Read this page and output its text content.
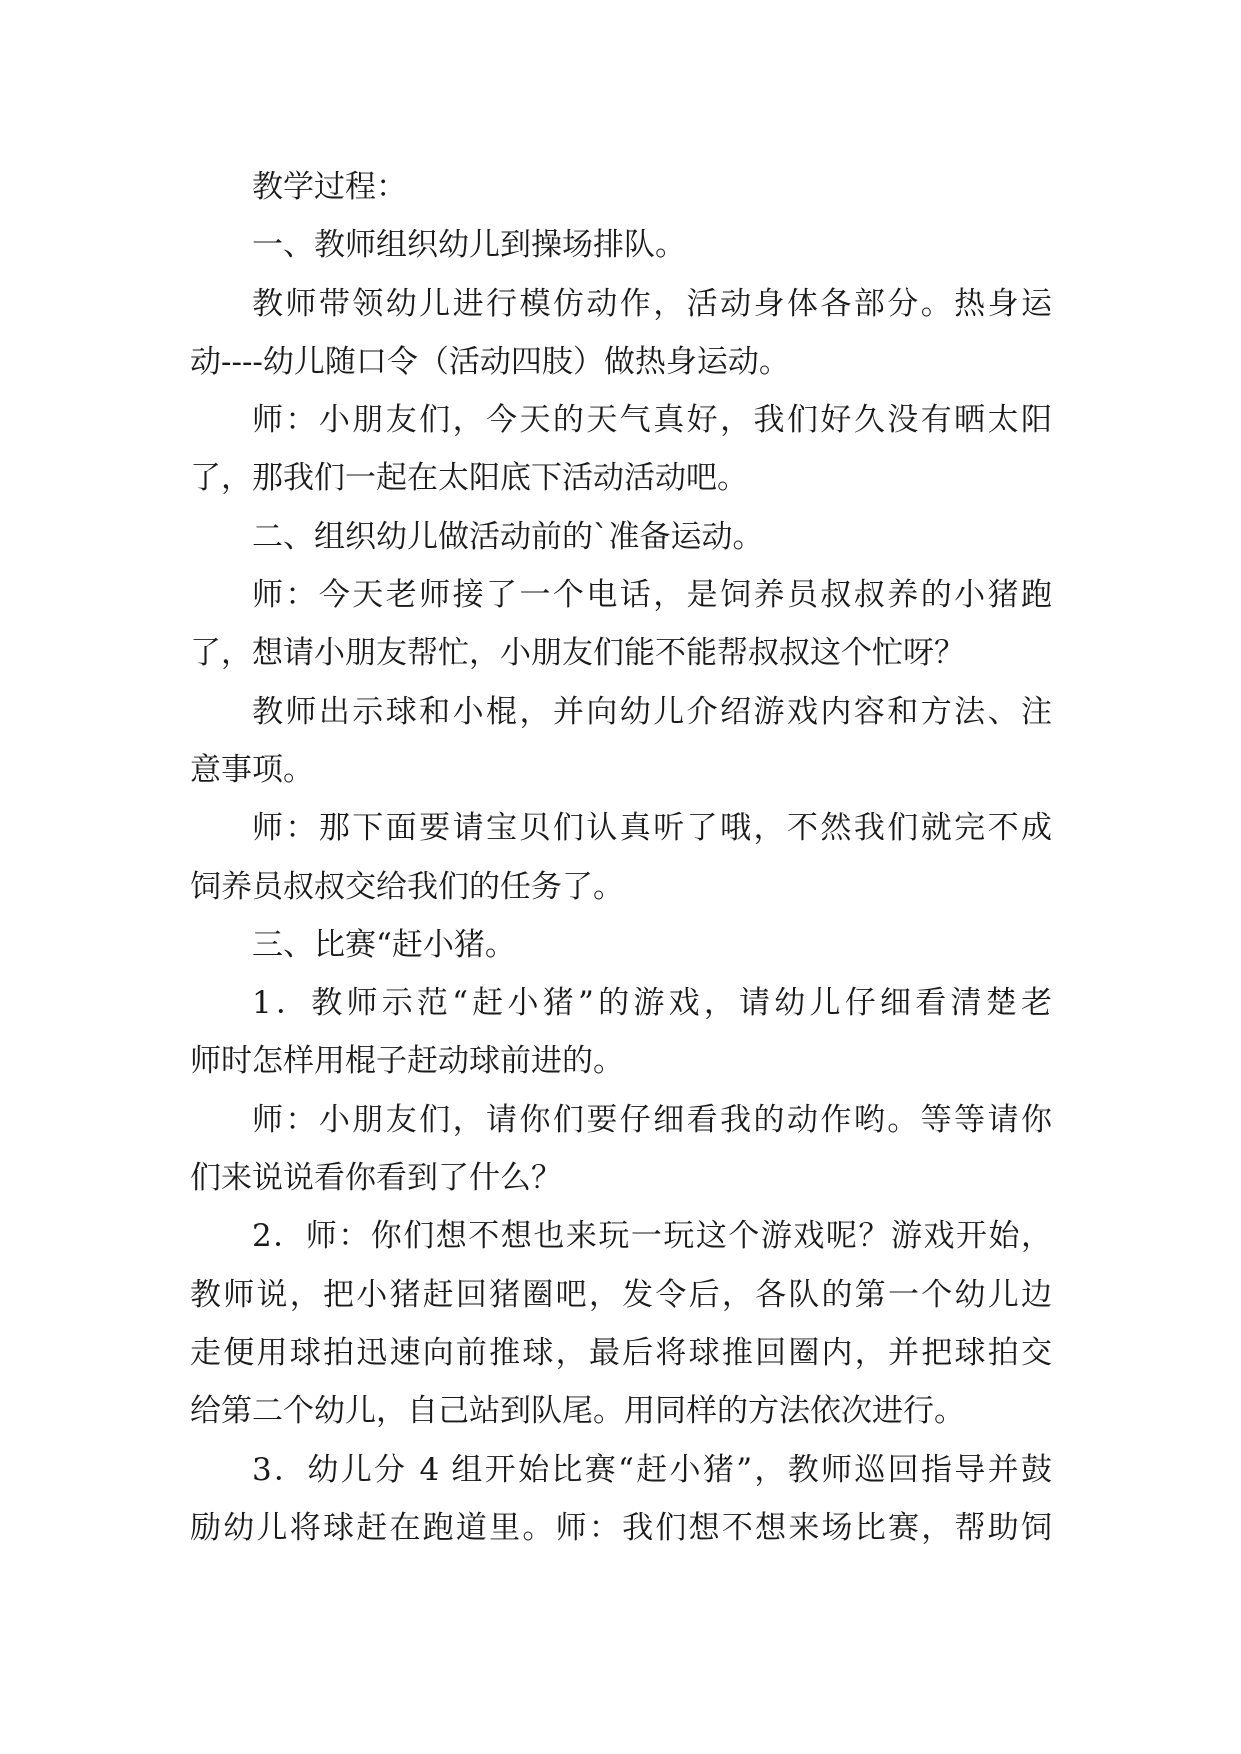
教学过程：
一、教师组织幼儿到操场排队。
教师带领幼儿进行模仿动作，活动身体各部分。热身运
动----幼儿随口令（活动四肢）做热身运动。
师：小朋友们，今天的天气真好，我们好久没有晒太阳
了，那我们一起在太阳底下活动活动吧。
二、组织幼儿做活动前的`准备运动。
师：今天老师接了一个电话，是饲养员叔叔养的小猪跑
了，想请小朋友帮忙，小朋友们能不能帮叔叔这个忙呀？
教师出示球和小棍，并向幼儿介绍游戏内容和方法、注
意事项。
师：那下面要请宝贝们认真听了哦，不然我们就完不成
饲养员叔叔交给我们的任务了。
三、比赛“赶小猪。
1．教师示范“赶小猪”的游戏，请幼儿仔细看清楚老
师时怎样用棍子赶动球前进的。
师：小朋友们，请你们要仔细看我的动作哟。等等请你
们来说说看你看到了什么？
2．师：你们想不想也来玩一玩这个游戏呢？游戏开始，
教师说，把小猪赶回猪圈吧，发令后，各队的第一个幼儿边
走便用球拍迅速向前推球，最后将球推回圈内，并把球拍交
给第二个幼儿，自己站到队尾。用同样的方法依次进行。
3．幼儿分 4 组开始比赛“赶小猪”，教师巡回指导并鼓
励幼儿将球赶在跑道里。师：我们想不想来场比赛，帮助饲
